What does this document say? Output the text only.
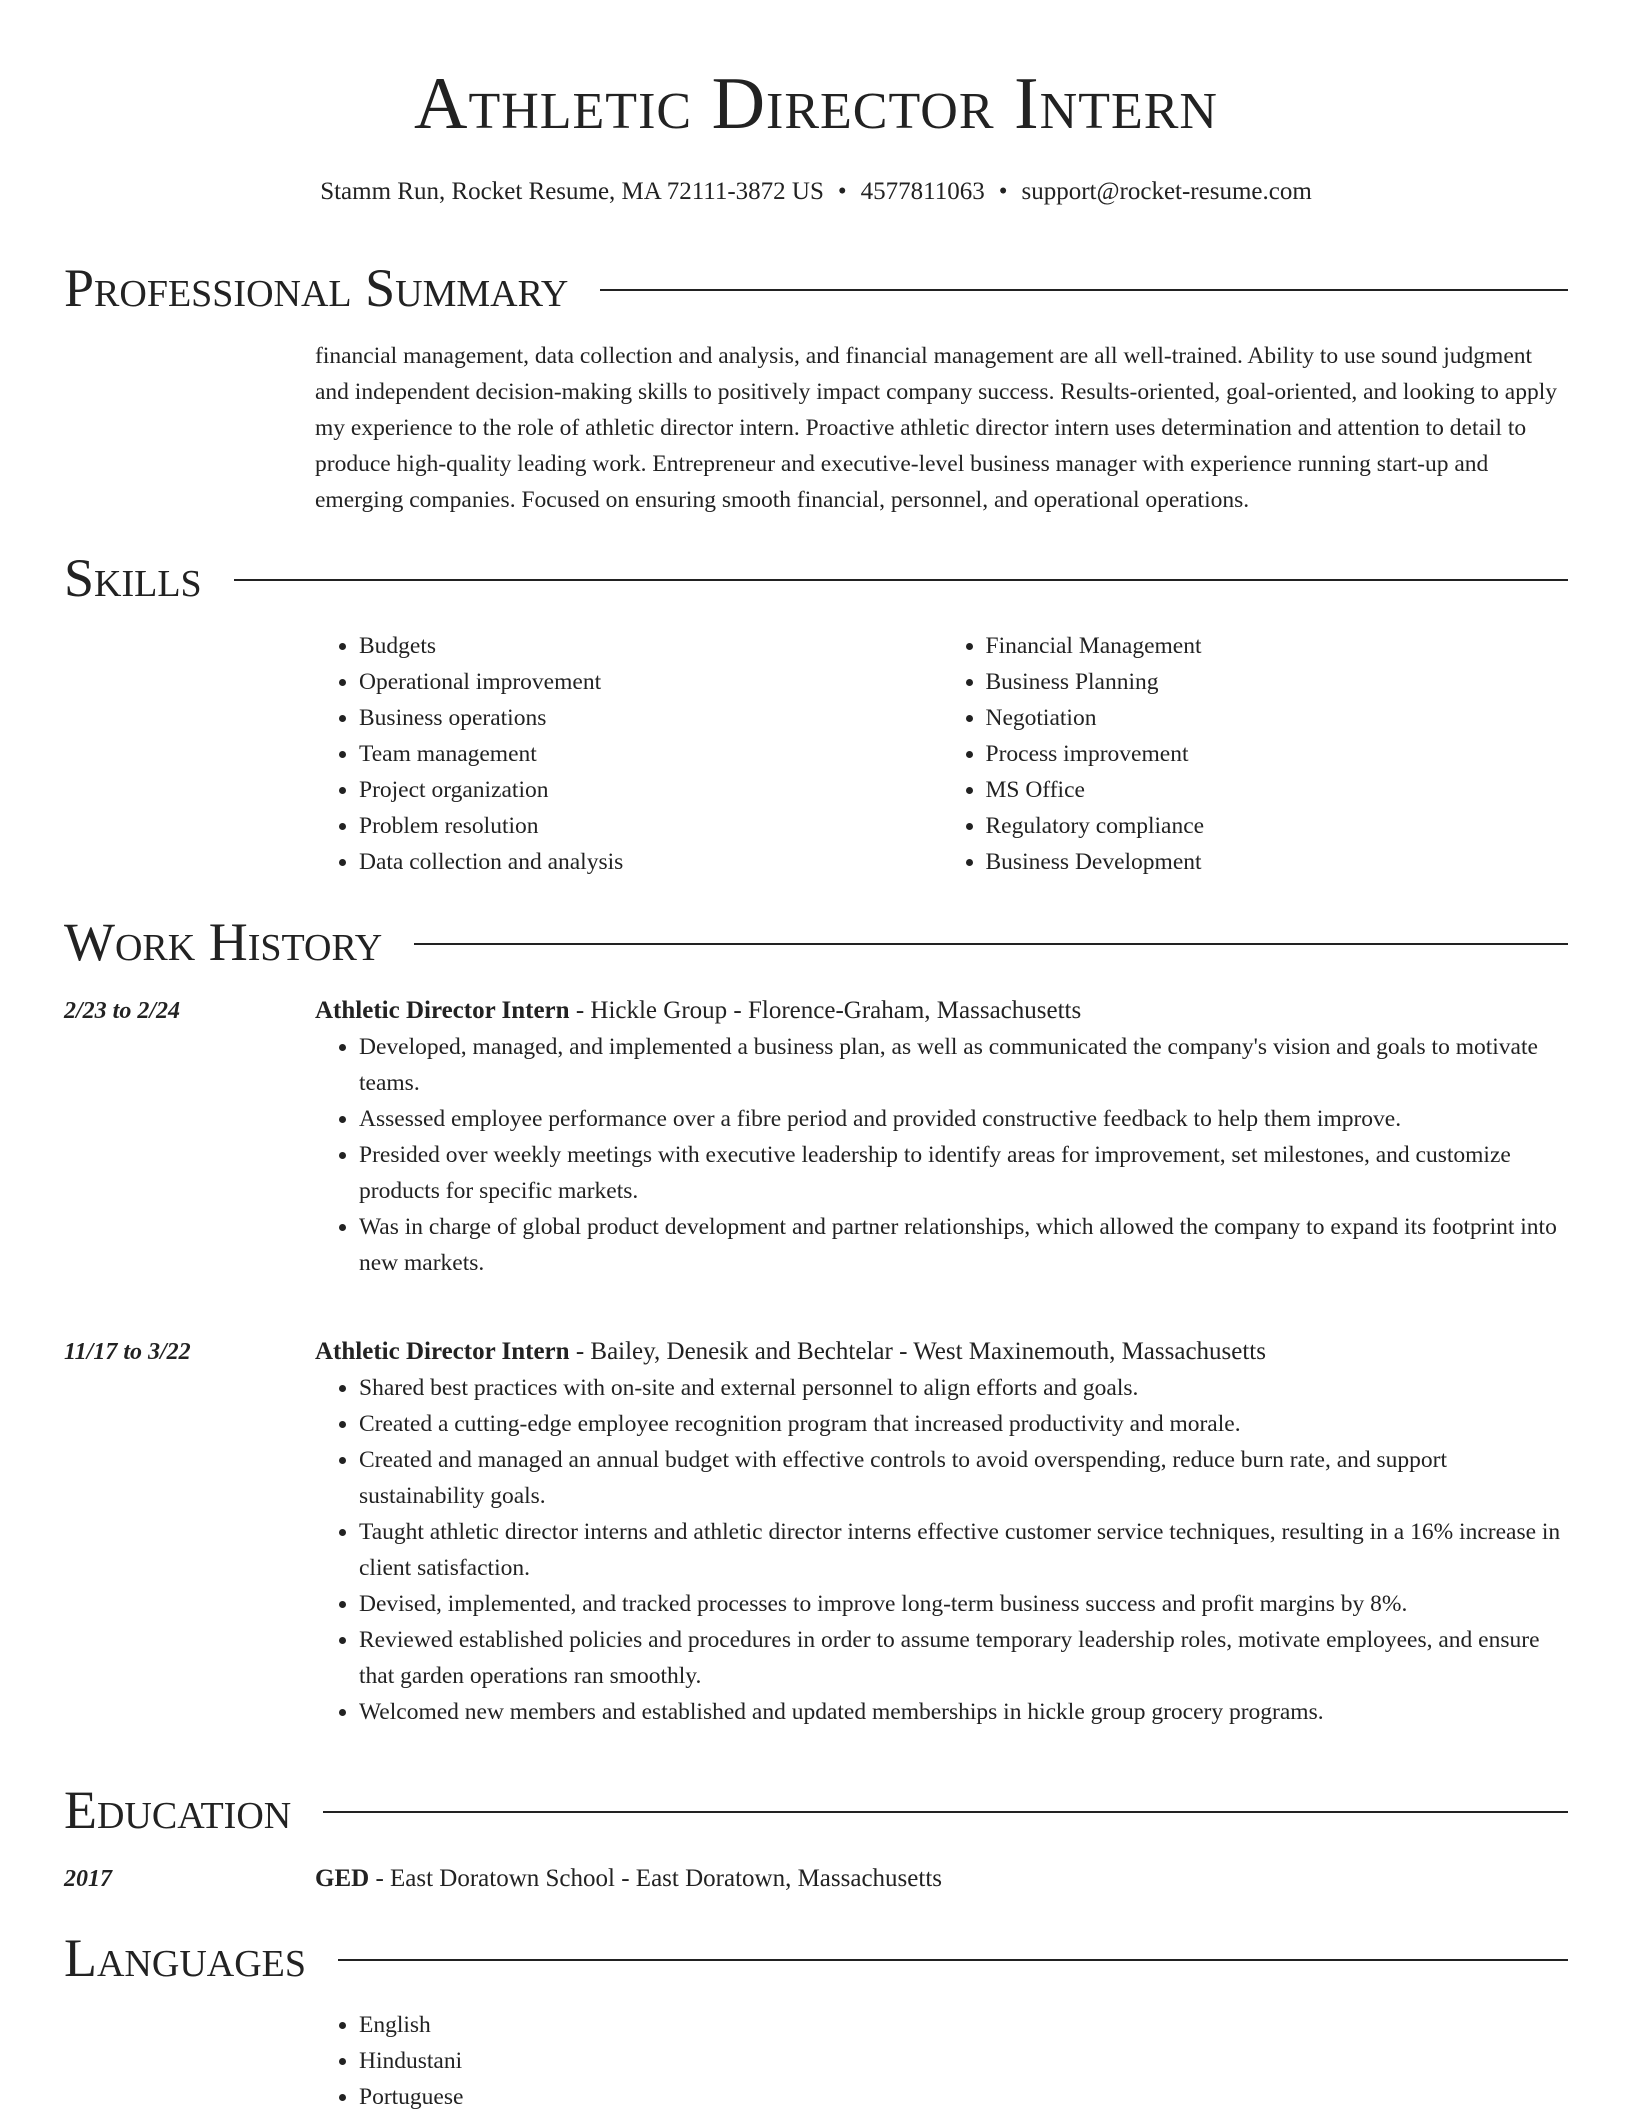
Athletic Director Intern
Stamm Run, Rocket Resume, MA 72111-3872 US • 4577811063 • support@rocket-resume.com
Professional Summary

financial management, data collection and analysis, and financial management are all well-trained. Ability to use sound judgment and independent decision-making skills to positively impact company success. Results-oriented, goal-oriented, and looking to apply my experience to the role of athletic director intern. Proactive athletic director intern uses determination and attention to detail to produce high-quality leading work. Entrepreneur and executive-level business manager with experience running start-up and emerging companies. Focused on ensuring smooth financial, personnel, and operational operations.

Skills
• Budgets
• Operational improvement
• Business operations
• Team management
• Project organization
• Problem resolution
• Data collection and analysis
• Financial Management
• Business Planning
• Negotiation
• Process improvement
• MS Office
• Regulatory compliance
• Business Development
Work History
2/23 to 2/24	Athletic Director Intern - Hickle Group - Florence-Graham, Massachusetts
• Developed, managed, and implemented a business plan, as well as communicated the company's vision and goals to motivate teams.
• Assessed employee performance over a fibre period and provided constructive feedback to help them improve.
• Presided over weekly meetings with executive leadership to identify areas for improvement, set milestones, and customize products for specific markets.
• Was in charge of global product development and partner relationships, which allowed the company to expand its footprint into new markets.
11/17 to 3/22	Athletic Director Intern - Bailey, Denesik and Bechtelar - West Maxinemouth, Massachusetts
• Shared best practices with on-site and external personnel to align efforts and goals.
• Created a cutting-edge employee recognition program that increased productivity and morale.
• Created and managed an annual budget with effective controls to avoid overspending, reduce burn rate, and support sustainability goals.
• Taught athletic director interns and athletic director interns effective customer service techniques, resulting in a 16% increase in client satisfaction.
• Devised, implemented, and tracked processes to improve long-term business success and profit margins by 8%.
• Reviewed established policies and procedures in order to assume temporary leadership roles, motivate employees, and ensure that garden operations ran smoothly.
• Welcomed new members and established and updated memberships in hickle group grocery programs.
Education
2017	GED - East Doratown School - East Doratown, Massachusetts
Languages
• English
• Hindustani
• Portuguese
